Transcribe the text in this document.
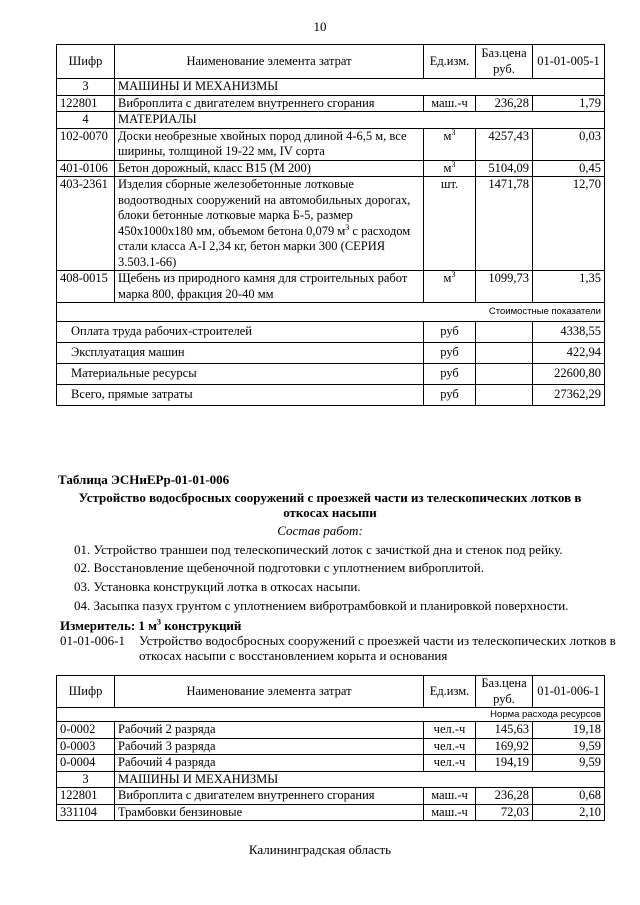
10
Шифр	Наименование элемента затрат	Ед.изм.	Баз.цена руб.	01-01-005-1
3	МАШИНЫ И МЕХАНИЗМЫ			
122801	Виброплита с двигателем внутреннего сгорания	маш.-ч	236,28	1,79
4	МАТЕРИАЛЫ			
102-0070	Доски необрезные хвойных пород длиной 4-6,5 м, все ширины, толщиной 19-22 мм, IV сорта	$м^3$	4257,43	0,03
401-0106	Бетон дорожный, класс В15 (М 200)	$м^3$	5104,09	0,45
403-2361	Изделия сборные железобетонные лотковые водоотводных сооружений на автомобильных дорогах, блоки бетонные лотковые марка Б-5, размер 450х1000х180 мм, объемом бетона 0,079 $м^3$ с расходом стали класса А-I 2,34 кг, бетон марки 300 (СЕРИЯ 3.503.1-66)	шт.	1471,78	12,70
408-0015	Щебень из природного камня для строительных работ марка 800, фракция 20-40 мм	$м^3$	1099,73	1,35
Стоимостные показатели				
Оплата труда рабочих-строителей		руб		4338,55
Эксплуатация машин		руб		422,94
Материальные ресурсы		руб		22600,80
Всего, прямые затраты		руб		27362,29
Таблица ЭСНиЕРр-01-01-006
Устройство водосбросных сооружений с проезжей части из телескопических лотков в откосах насыпи
Состав работ:
01. Устройство траншеи под телескопический лоток с зачисткой дна и стенок под рейку.
02. Восстановление щебеночной подготовки с уплотнением виброплитой.
03. Установка конструкций лотка в откосах насыпи.
04. Засыпка пазух грунтом с уплотнением вибротрамбовкой и планировкой поверхности.
Измеритель: 1 $м^3$ конструкций
01-01-006-1 Устройство водосбросных сооружений с проезжей части из телескопических лотков в откосах насыпи с восстановлением корыта и основания
Шифр	Наименование элемента затрат	Ед.изм.	Баз.цена руб.	01-01-006-1
Норма расхода ресурсов				
0-0002	Рабочий 2 разряда	чел.-ч	145,63	19,18
0-0003	Рабочий 3 разряда	чел.-ч	169,92	9,59
0-0004	Рабочий 4 разряда	чел.-ч	194,19	9,59
3	МАШИНЫ И МЕХАНИЗМЫ			
122801	Виброплита с двигателем внутреннего сгорания	маш.-ч	236,28	0,68
331104	Трамбовки бензиновые	маш.-ч	72,03	2,10
Калининградская область
